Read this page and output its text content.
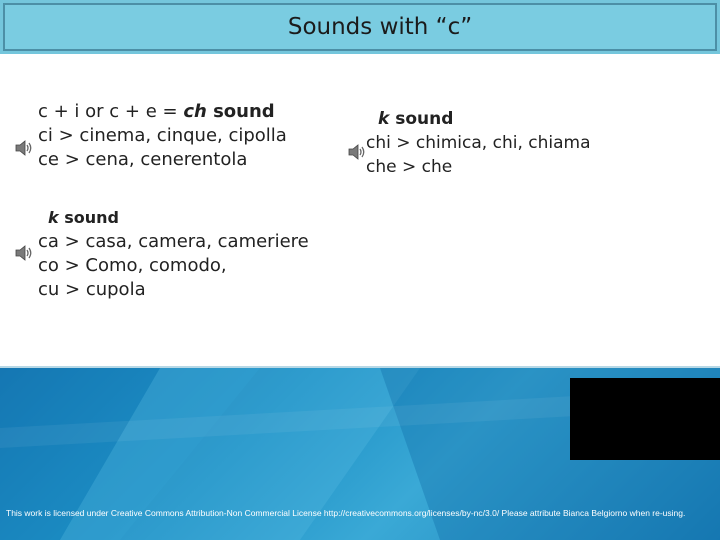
Sounds with “c”
c + i or c + e = ch sound
ci > cinema, cinque, cipolla
ce > cena, cenerentola
k sound
chi > chimica, chi, chiama
che > che
k sound
ca > casa, camera, cameriere
co > Como, comodo,
cu > cupola
This work is licensed under Creative Commons Attribution-Non Commercial License http://creativecommons.org/licenses/by-nc/3.0/ Please attribute Bianca Belgiorno when re-using.
